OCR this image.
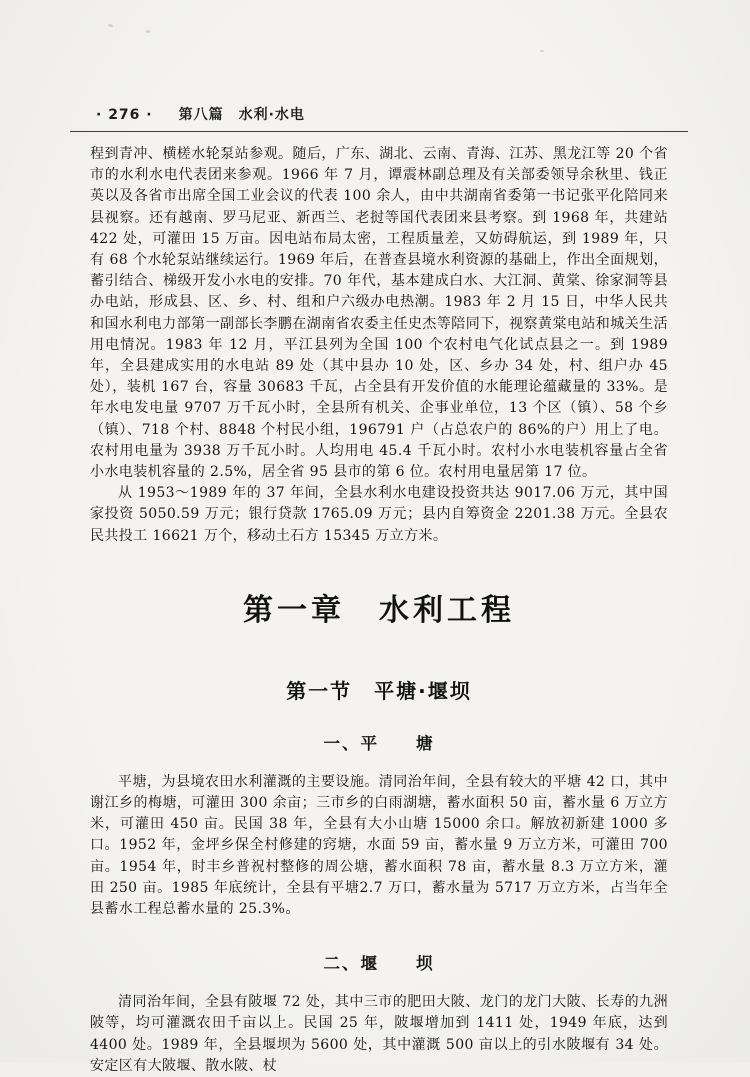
· 276 · 第八篇　水利·水电

程到青冲、横槎水轮泵站参观。随后，广东、湖北、云南、青海、江苏、黑龙江等 20 个省市的水利水电代表团来参观。1966 年 7 月，谭震林副总理及有关部委领导余秋里、钱正英以及各省市出席全国工业会议的代表 100 余人，由中共湖南省委第一书记张平化陪同来县视察。还有越南、罗马尼亚、新西兰、老挝等国代表团来县考察。到 1968 年，共建站 422 处，可灌田 15 万亩。因电站布局太密，工程质量差，又妨碍航运，到 1989 年，只有 68 个水轮泵站继续运行。1969 年后，在普查县境水利资源的基础上，作出全面规划，蓄引结合、梯级开发小水电的安排。70 年代，基本建成白水、大江洞、黄棠、徐家洞等县办电站，形成县、区、乡、村、组和户六级办电热潮。1983 年 2 月 15 日，中华人民共和国水利电力部第一副部长李鹏在湖南省农委主任史杰等陪同下，视察黄棠电站和城关生活用电情况。1983 年 12 月，平江县列为全国 100 个农村电气化试点县之一。到 1989 年，全县建成实用的水电站 89 处（其中县办 10 处，区、乡办 34 处，村、组户办 45 处），装机 167 台，容量 30683 千瓦，占全县有开发价值的水能理论蕴藏量的 33%。是年水电发电量 9707 万千瓦小时，全县所有机关、企事业单位，13 个区（镇）、58 个乡（镇）、718 个村、8848 个村民小组，196791 户（占总农户的 86%的户）用上了电。农村用电量为 3938 万千瓦小时。人均用电 45.4 千瓦小时。农村小水电装机容量占全省小水电装机容量的 2.5%，居全省 95 县市的第 6 位。农村用电量居第 17 位。

从 1953～1989 年的 37 年间，全县水利水电建设投资共达 9017.06 万元，其中国家投资 5050.59 万元；银行贷款 1765.09 万元；县内自筹资金 2201.38 万元。全县农民共投工 16621 万个，移动土石方 15345 万立方米。

第一章　水利工程
第一节　平塘·堰坝
一、平　　塘

平塘，为县境农田水利灌溉的主要设施。清同治年间，全县有较大的平塘 42 口，其中谢江乡的梅塘，可灌田 300 余亩；三市乡的白雨湖塘，蓄水面积 50 亩，蓄水量 6 万立方米，可灌田 450 亩。民国 38 年，全县有大小山塘 15000 余口。解放初新建 1000 多口。1952 年，金坪乡保全村修建的窍塘，水面 59 亩，蓄水量 9 万立方米，可灌田 700 亩。1954 年，时丰乡普祝村整修的周公塘，蓄水面积 78 亩，蓄水量 8.3 万立方米，灌田 250 亩。1985 年底统计，全县有平塘2.7 万口，蓄水量为 5717 万立方米，占当年全县蓄水工程总蓄水量的 25.3%。

二、堰　　坝

清同治年间，全县有陂堰 72 处，其中三市的肥田大陂、龙门的龙门大陂、长寿的九洲陂等，均可灌溉农田千亩以上。民国 25 年，陂堰增加到 1411 处，1949 年底，达到 4400 处。1989 年，全县堰坝为 5600 处，其中灌溉 500 亩以上的引水陂堰有 34 处。安定区有大陂堰、散水陂、杖
